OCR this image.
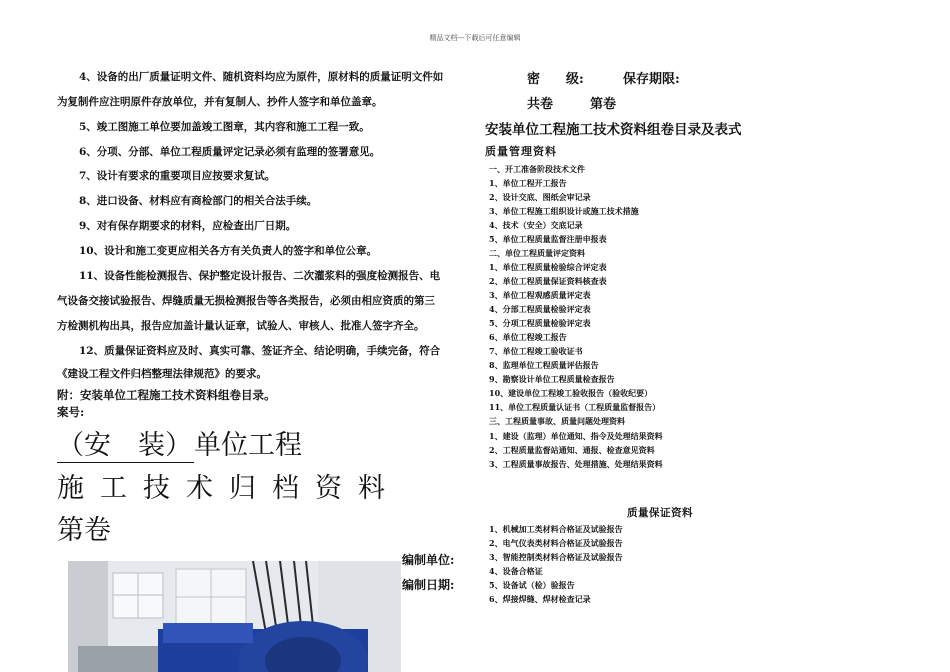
精品文档---下载后可任意编辑

4、设备的出厂质量证明文件、随机资料均应为原件，原材料的质量证明文件如

为复制件应注明原件存放单位，并有复制人、抄件人签字和单位盖章。

5、竣工图施工单位要加盖竣工图章，其内容和施工工程一致。

6、分项、分部、单位工程质量评定记录必须有监理的签署意见。

7、设计有要求的重要项目应按要求复试。

8、进口设备、材料应有商检部门的相关合法手续。

9、对有保存期要求的材料，应检查出厂日期。

10、设计和施工变更应相关各方有关负责人的签字和单位公章。

11、设备性能检测报告、保护整定设计报告、二次灌浆料的强度检测报告、电

气设备交接试验报告、焊缝质量无损检测报告等各类报告，必须由相应资质的第三

方检测机构出具，报告应加盖计量认证章，试验人、审核人、批准人签字齐全。

12、质量保证资料应及时、真实可靠、签证齐全、结论明确，手续完备，符合

《建设工程文件归档整理法律规范》的要求。

附：安装单位工程施工技术资料组卷目录。

案号:

（安　装）单位工程
施工技术归档资料
第卷
编制单位:
编制日期:
密　　级:	保存期限:
共卷	第卷
安装单位工程施工技术资料组卷目录及表式
质量管理资料
一、开工准备阶段技术文件
1、单位工程开工报告
2、设计交底、图纸会审记录
3、单位工程施工组织设计或施工技术措施
4、技术（安全）交底记录
5、单位工程质量监督注册申报表
二、单位工程质量评定资料
1、单位工程质量检验综合评定表
2、单位工程质量保证资料核查表
3、单位工程观感质量评定表
4、分部工程质量检验评定表
5、分项工程质量检验评定表
6、单位工程竣工报告
7、单位工程竣工验收证书
8、监理单位工程质量评估报告
9、勘察设计单位工程质量检查报告
10、建设单位工程竣工验收报告（验收纪要）
11、单位工程质量认证书（工程质量监督报告）
三、工程质量事故、质量问题处理资料
1、建设（监理）单位通知、指令及处理结果资料
2、工程质量监督站通知、通报、检查意见资料
3、工程质量事故报告、处理措施、处理结果资料
质量保证资料
1、机械加工类材料合格证及试验报告
2、电气仪表类材料合格证及试验报告
3、智能控制类材料合格证及试验报告
4、设备合格证
5、设备试（检）验报告
6、焊接焊缝、焊材检查记录
